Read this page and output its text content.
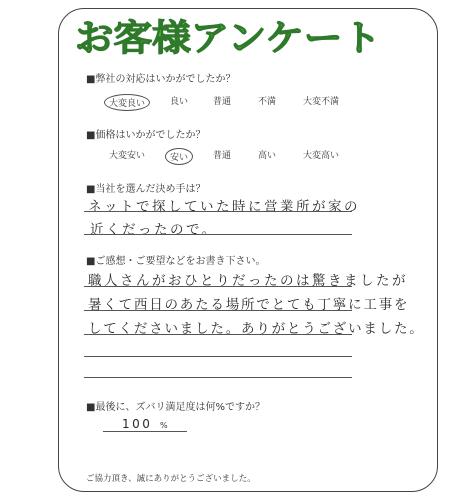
お客様アンケート
■弊社の対応はいかがでしたか？
大変良い	良い	普通	不満	大変不満
■価格はいかがでしたか？
大変安い	安い	普通	高い	大変高い
■当社を選んだ決め手は？
ネットで探していた時に営業所が家の
近くだったので。
■ご感想・ご要望などをお書き下さい。
職人さんがおひとりだったのは驚きましたが
暑くて西日のあたる場所でとても丁寧に工事を
してくださいました。ありがとうございました。
■最後に、ズバリ満足度は何%ですか？
100 %
ご協力頂き、誠にありがとうございました。
